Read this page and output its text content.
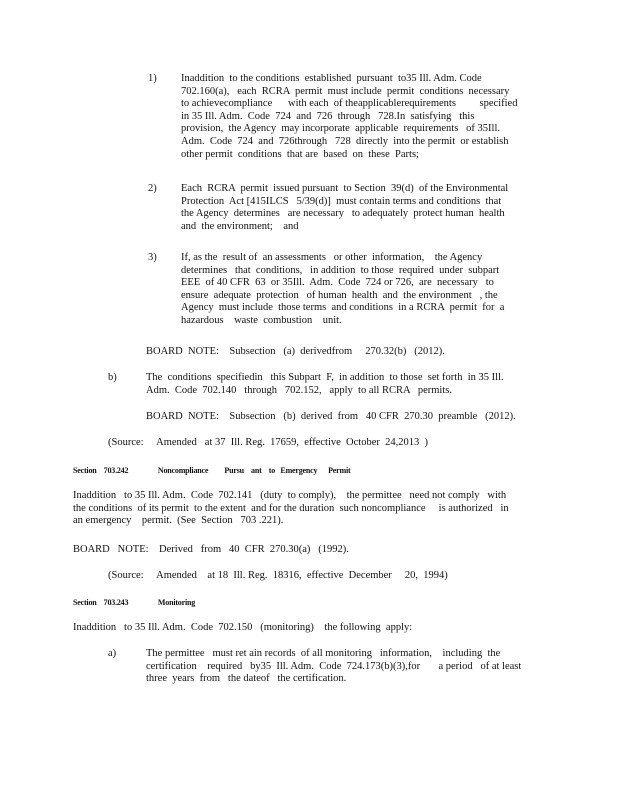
1) Inaddition  to the conditions  established  pursuant  to35 Ill. Adm. Code
702.160(a),   each  RCRA  permit  must include  permit  conditions  necessary
to achievecompliance      with each  of theapplicablerequirements         specified
in 35 Ill. Adm.  Code  724  and  726  through   728.In  satisfying   this
provision,  the Agency  may incorporate  applicable  requirements   of 35Ill.
Adm.  Code  724  and  726through   728  directly  into the permit  or establish
other permit  conditions  that are  based  on  these  Parts;
2) Each  RCRA  permit  issued pursuant  to Section  39(d)  of the Environmental
Protection  Act [415ILCS   5/39(d)]  must contain terms and conditions  that
the Agency  determines   are necessary   to adequately  protect human  health
and  the environment;    and
3) If, as the  result of  an assessments   or other  information,    the Agency
determines   that  conditions,   in addition  to those  required  under  subpart
EEE  of 40 CFR  63  or 35Ill.  Adm.  Code  724 or 726,  are  necessary   to
ensure  adequate  protection   of human  health  and  the environment   , the
Agency  must include  those terms  and conditions  in a RCRA  permit  for  a
hazardous    waste  combustion    unit.
BOARD  NOTE:    Subsection   (a)  derivedfrom     270.32(b)   (2012).
b)	The  conditions  specifiedin   this Subpart  F,  in addition  to those  set forth  in 35 Ill.
Adm.  Code  702.140   through   702.152,   apply  to all RCRA   permits.
BOARD  NOTE:    Subsection   (b)  derived  from   40 CFR  270.30  preamble   (2012).
(Source:     Amended   at 37  Ill. Reg.  17659,  effective  October  24,2013  )
Section    703.242	Noncompliance         Pursu    ant    to   Emergency      Permit
Inaddition   to 35 Ill. Adm.  Code  702.141   (duty  to comply),    the permittee   need not comply   with
the conditions  of its permit  to the extent  and for the duration  such noncompliance     is authorized   in
an emergency    permit.  (See  Section   703 .221).
BOARD   NOTE:    Derived   from   40  CFR  270.30(a)   (1992).
(Source:     Amended    at 18  Ill. Reg.  18316,  effective  December     20,  1994)
Section    703.243	Monitoring
Inaddition   to 35 Ill. Adm.  Code  702.150   (monitoring)    the following  apply:
a)	The permittee   must ret ain records  of all monitoring   information,    including  the
certification    required   by35  Ill. Adm.  Code  724.173(b)(3),for       a period   of at least
three  years  from   the dateof   the certification.
